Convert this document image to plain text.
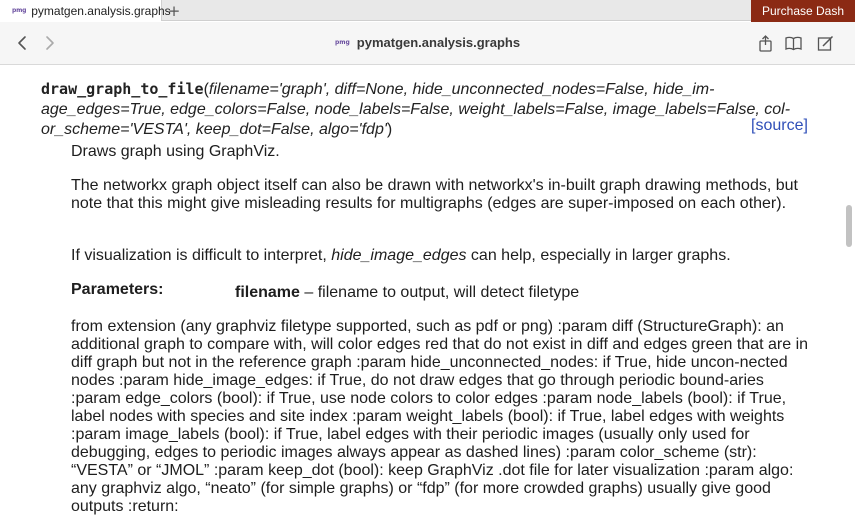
pmg pymatgen.analysis.graphs
+	Purchase Dash
pmg pymatgen.analysis.graphs
draw_graph_to_file(filename='graph', diff=None, hide_unconnected_nodes=False, hide_im-age_edges=True, edge_colors=False, node_labels=False, weight_labels=False, image_labels=False, col-or_scheme='VESTA', keep_dot=False, algo='fdp')	[source]
Draws graph using GraphViz.
The networkx graph object itself can also be drawn with networkx's in-built graph drawing methods, but note that this might give misleading results for multigraphs (edges are super-imposed on each other).
If visualization is difficult to interpret, hide_image_edges can help, especially in larger graphs.
Parameters:	filename – filename to output, will detect filetype
from extension (any graphviz filetype supported, such as pdf or png) :param diff (StructureGraph): an additional graph to compare with, will color edges red that do not exist in diff and edges green that are in diff graph but not in the reference graph :param hide_unconnected_nodes: if True, hide uncon-nected nodes :param hide_image_edges: if True, do not draw edges that go through periodic bound-aries :param edge_colors (bool): if True, use node colors to color edges :param node_labels (bool): if True, label nodes with species and site index :param weight_labels (bool): if True, label edges with weights :param image_labels (bool): if True, label edges with their periodic images (usually only used for debugging, edges to periodic images always appear as dashed lines) :param color_scheme (str): “VESTA” or “JMOL” :param keep_dot (bool): keep GraphViz .dot file for later visualization :param algo: any graphviz algo, “neato” (for simple graphs) or “fdp” (for more crowded graphs) usually give good outputs :return:
